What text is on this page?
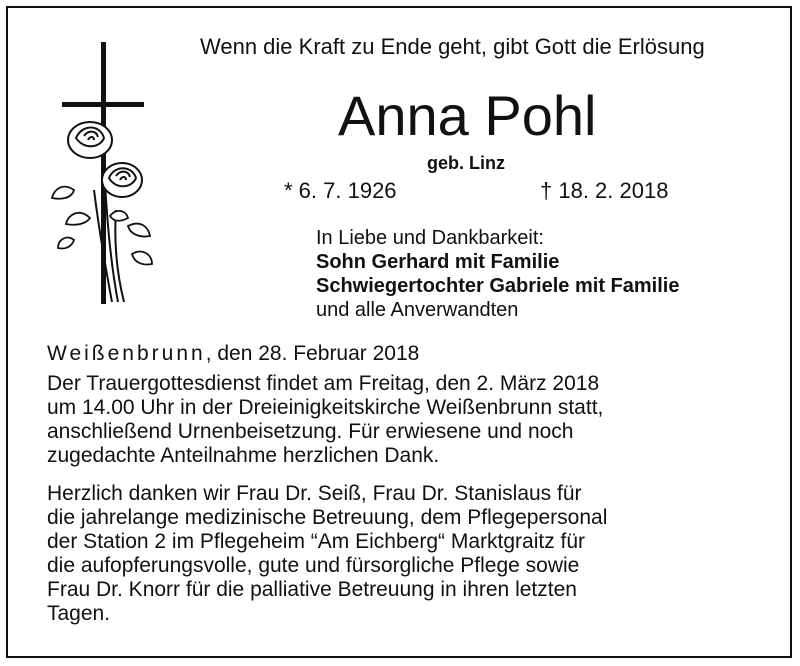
Wenn die Kraft zu Ende geht, gibt Gott die Erlösung
Anna Pohl
geb. Linz
* 6. 7. 1926	† 18. 2. 2018
In Liebe und Dankbarkeit:
Sohn Gerhard mit Familie
Schwiegertochter Gabriele mit Familie
und alle Anverwandten
Weißenbrunn, den 28. Februar 2018
Der Trauergottesdienst findet am Freitag, den 2. März 2018
um 14.00 Uhr in der Dreieinigkeitskirche Weißenbrunn statt,
anschließend Urnenbeisetzung. Für erwiesene und noch
zugedachte Anteilnahme herzlichen Dank.
Herzlich danken wir Frau Dr. Seiß, Frau Dr. Stanislaus für
die jahrelange medizinische Betreuung, dem Pflegepersonal
der Station 2 im Pflegeheim “Am Eichberg“ Marktgraitz für
die aufopferungsvolle, gute und fürsorgliche Pflege sowie
Frau Dr. Knorr für die palliative Betreuung in ihren letzten
Tagen.
